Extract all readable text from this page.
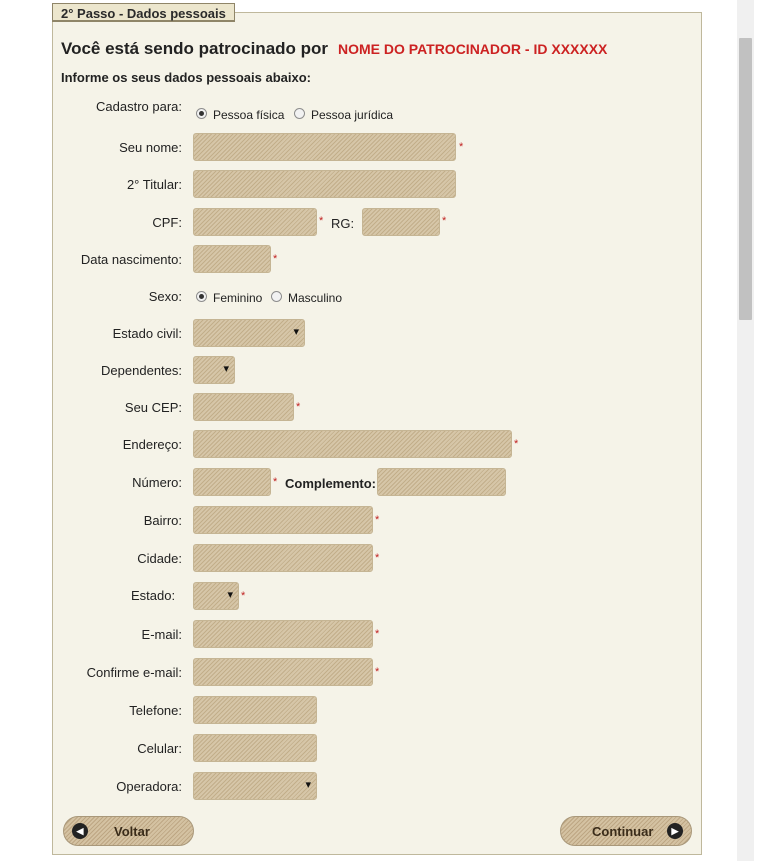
2° Passo - Dados pessoais
Você está sendo patrocinado por NOME DO PATROCINADOR - ID XXXXXX
Informe os seus dados pessoais abaixo:
Cadastro para:
Pessoa física Pessoa jurídica
Seu nome:	*
2° Titular:
CPF:	* RG:	*
Data nascimento:	*
Sexo:	Feminino Masculino
Estado civil:
▾
Dependentes:
▾
Seu CEP:	*
Endereço:	*
Número:	* Complemento:
Bairro:	*
Cidade:	*
Estado:
▾	*
E-mail:	*
Confirme e-mail:	*
Telefone:
Celular:
Operadora:
▾
◀	Voltar	Continuar	▶
